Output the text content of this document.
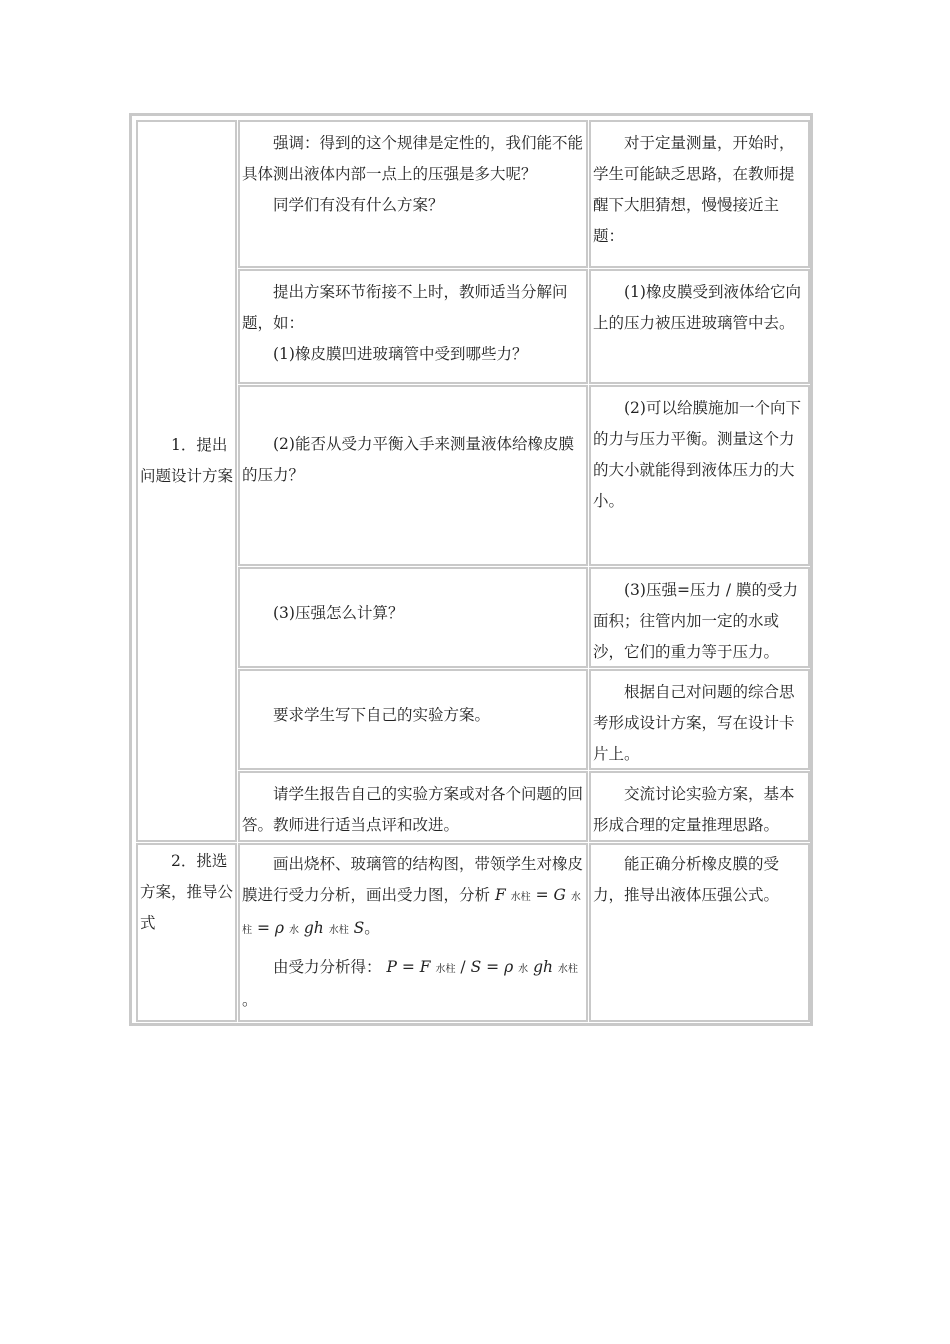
1．提出问题设计方案

强调：得到的这个规律是定性的，我们能不能具体测出液体内部一点上的压强是多大呢？

同学们有没有什么方案？

对于定量测量，开始时，学生可能缺乏思路，在教师提醒下大胆猜想，慢慢接近主题：

提出方案环节衔接不上时，教师适当分解问题，如：

(1)橡皮膜凹进玻璃管中受到哪些力？

(1)橡皮膜受到液体给它向上的压力被压进玻璃管中去。

(2)能否从受力平衡入手来测量液体给橡皮膜的压力？

(2)可以给膜施加一个向下的力与压力平衡。测量这个力的大小就能得到液体压力的大小。

(3)压强怎么计算？

(3)压强=压力 / 膜的受力面积；往管内加一定的水或沙，它们的重力等于压力。

要求学生写下自己的实验方案。

根据自己对问题的综合思考形成设计方案，写在设计卡片上。

请学生报告自己的实验方案或对各个问题的回答。教师进行适当点评和改进。

交流讨论实验方案，基本形成合理的定量推理思路。

2．挑选方案，推导公式

画出烧杯、玻璃管的结构图，带领学生对橡皮膜进行受力分析，画出受力图，分析 F 水柱 = G 水柱 = ρ 水 gh 水柱 S。

由受力分析得： P = F 水柱 / S = ρ 水 gh 水柱 。

能正确分析橡皮膜的受力，推导出液体压强公式。
